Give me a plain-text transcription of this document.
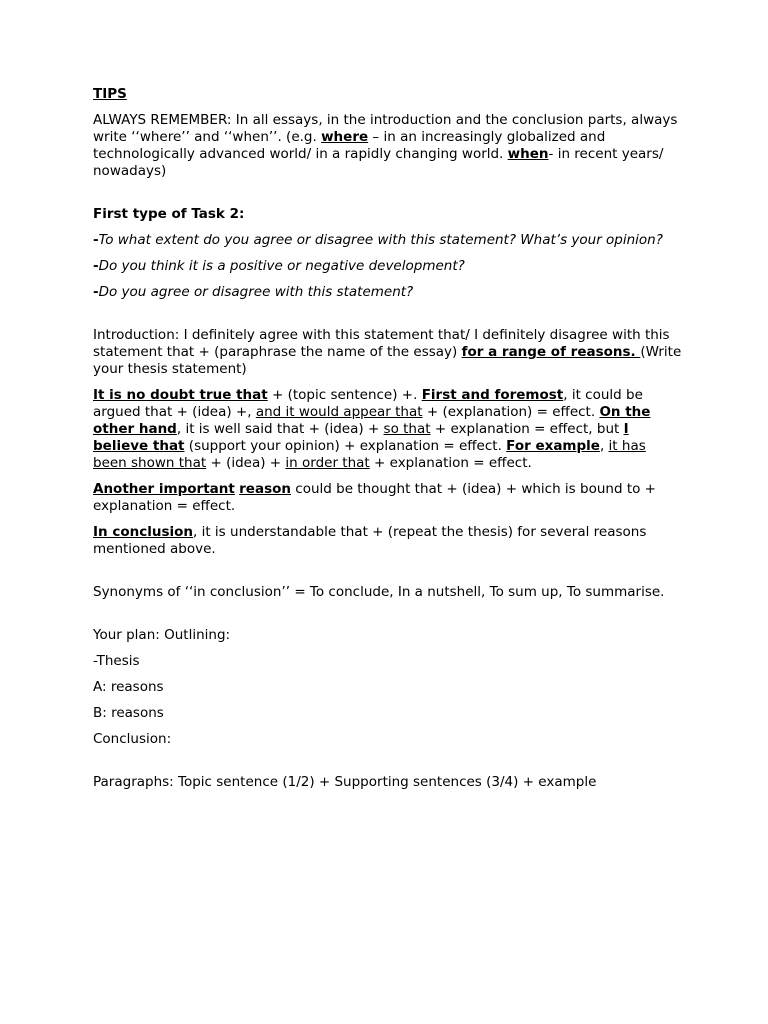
TIPS

ALWAYS REMEMBER: In all essays, in the introduction and the conclusion parts, always write ‘‘where’’ and ‘‘when’’. (e.g. where – in an increasingly globalized and technologically advanced world/ in a rapidly changing world. when- in recent years/ nowadays)

First type of Task 2:

-To what extent do you agree or disagree with this statement? What’s your opinion?

-Do you think it is a positive or negative development?

-Do you agree or disagree with this statement?

Introduction: I definitely agree with this statement that/ I definitely disagree with this statement that + (paraphrase the name of the essay) for a range of reasons. (Write your thesis statement)

It is no doubt true that + (topic sentence) +. First and foremost, it could be argued that + (idea) +, and it would appear that + (explanation) = effect. On the other hand, it is well said that + (idea) + so that + explanation = effect, but I believe that (support your opinion) + explanation = effect. For example, it has been shown that + (idea) + in order that + explanation = effect.

Another important reason could be thought that + (idea) + which is bound to + explanation = effect.

In conclusion, it is understandable that + (repeat the thesis) for several reasons mentioned above.

Synonyms of ‘‘in conclusion’’ = To conclude, In a nutshell, To sum up, To summarise.

Your plan: Outlining:

-Thesis

A: reasons

B: reasons

Conclusion:

Paragraphs: Topic sentence (1/2) + Supporting sentences (3/4) + example
